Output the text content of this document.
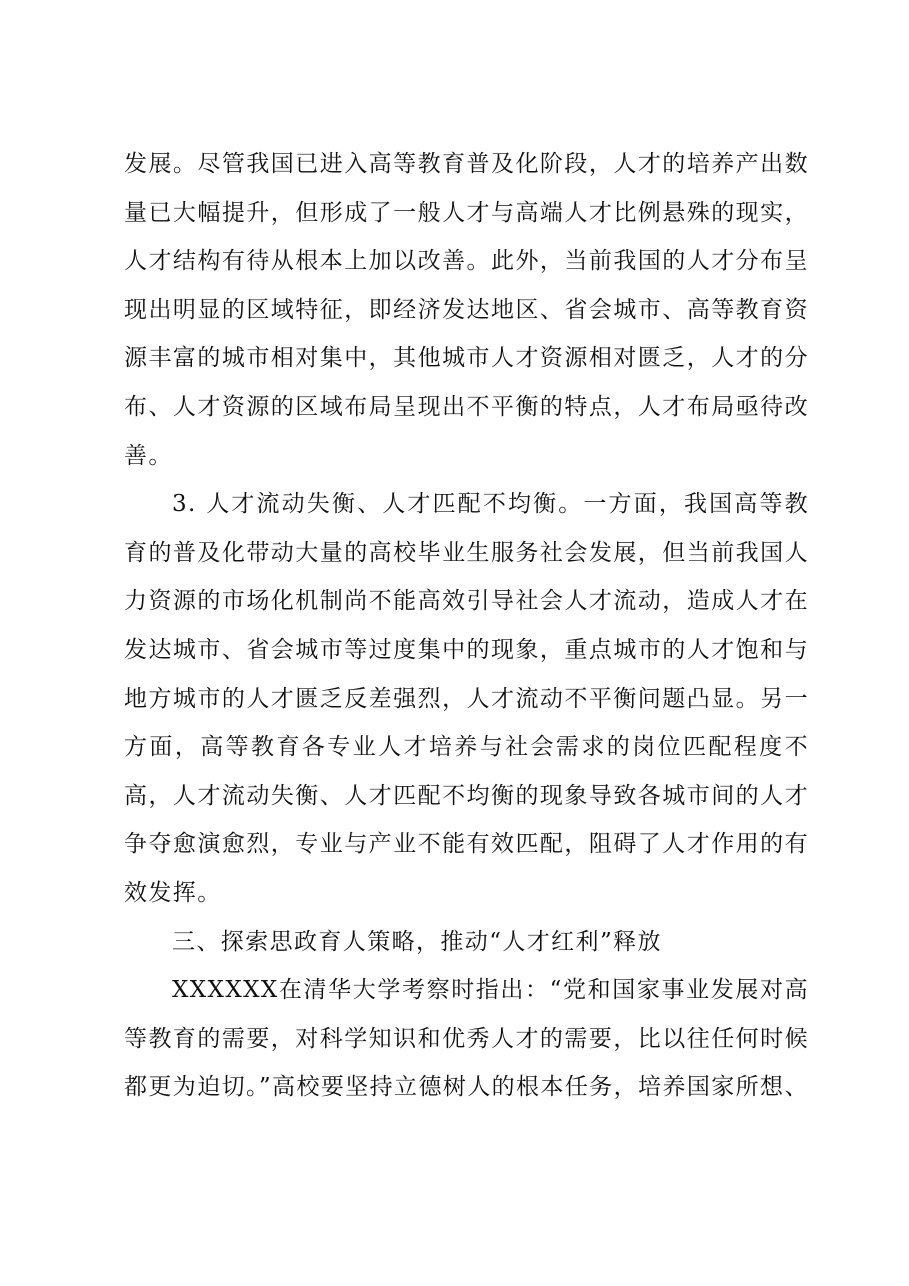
发展。尽管我国已进入高等教育普及化阶段，人才的培养产出数量已大幅提升，但形成了一般人才与高端人才比例悬殊的现实，人才结构有待从根本上加以改善。此外，当前我国的人才分布呈现出明显的区域特征，即经济发达地区、省会城市、高等教育资源丰富的城市相对集中，其他城市人才资源相对匮乏，人才的分布、人才资源的区域布局呈现出不平衡的特点，人才布局亟待改善。

3. 人才流动失衡、人才匹配不均衡。一方面，我国高等教育的普及化带动大量的高校毕业生服务社会发展，但当前我国人力资源的市场化机制尚不能高效引导社会人才流动，造成人才在发达城市、省会城市等过度集中的现象，重点城市的人才饱和与地方城市的人才匮乏反差强烈，人才流动不平衡问题凸显。另一方面，高等教育各专业人才培养与社会需求的岗位匹配程度不高，人才流动失衡、人才匹配不均衡的现象导致各城市间的人才争夺愈演愈烈，专业与产业不能有效匹配，阻碍了人才作用的有效发挥。

三、探索思政育人策略，推动“人才红利”释放

XXXXXX在清华大学考察时指出：“党和国家事业发展对高等教育的需要，对科学知识和优秀人才的需要，比以往任何时候都更为迫切。”高校要坚持立德树人的根本任务，培养国家所想、
